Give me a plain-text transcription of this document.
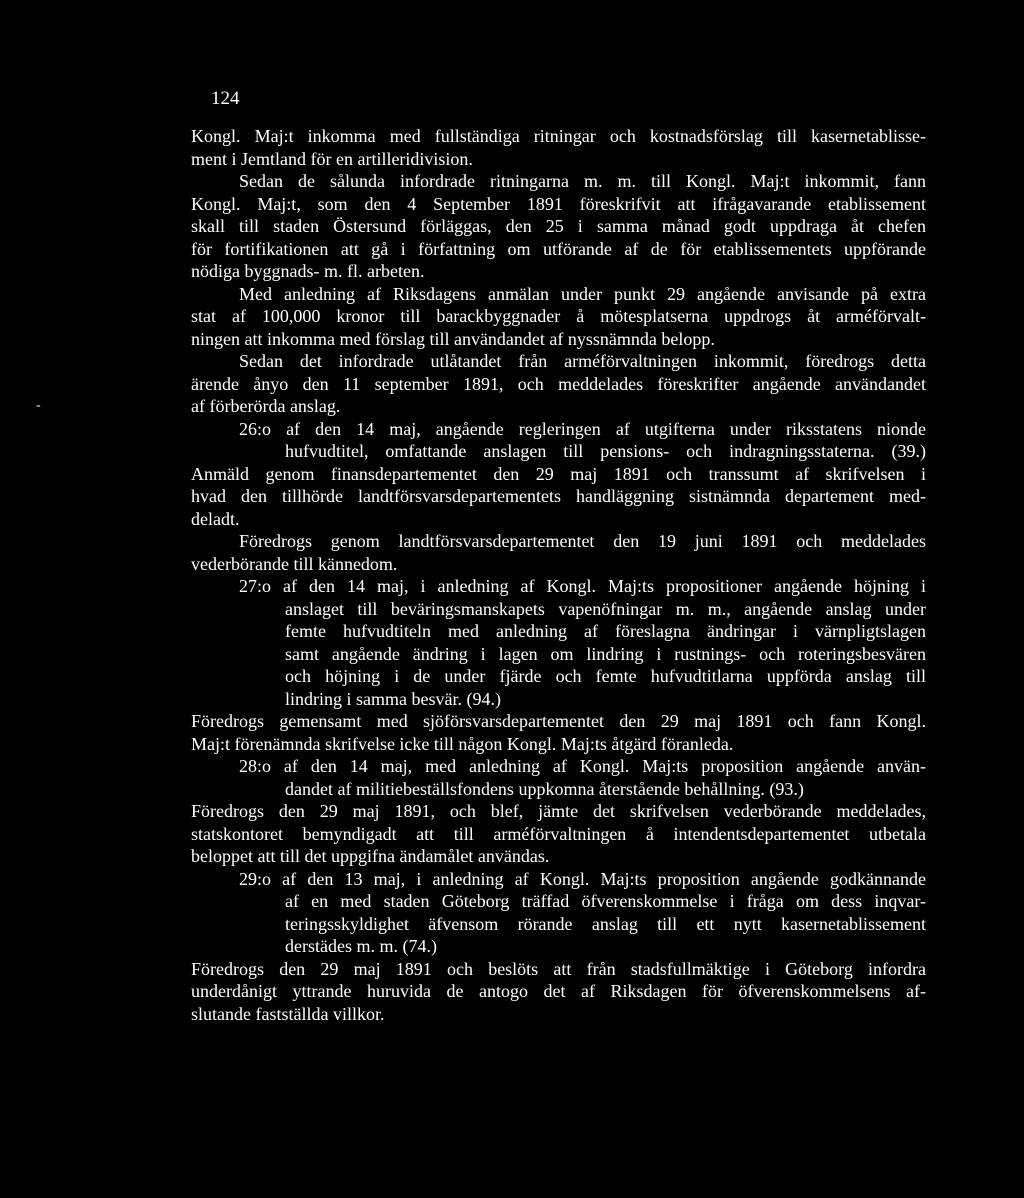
124
-
Kongl. Maj:t inkomma med fullständiga ritningar och kostnadsförslag till kasernetablisse-
ment i Jemtland för en artilleridivision.
Sedan de sålunda infordrade ritningarna m. m. till Kongl. Maj:t inkommit, fann
Kongl. Maj:t, som den 4 September 1891 föreskrifvit att ifrågavarande etablissement
skall till staden Östersund förläggas, den 25 i samma månad godt uppdraga åt chefen
för fortifikationen att gå i författning om utförande af de för etablissementets uppförande
nödiga byggnads- m. fl. arbeten.
Med anledning af Riksdagens anmälan under punkt 29 angående anvisande på extra
stat af 100,000 kronor till barackbyggnader å mötesplatserna uppdrogs åt arméförvalt-
ningen att inkomma med förslag till användandet af nyssnämnda belopp.
Sedan det infordrade utlåtandet från arméförvaltningen inkommit, föredrogs detta
ärende ånyo den 11 september 1891, och meddelades föreskrifter angående användandet
af förberörda anslag.
26:o af den 14 maj, angående regleringen af utgifterna under riksstatens nionde
hufvudtitel, omfattande anslagen till pensions- och indragningsstaterna. (39.)
Anmäld genom finansdepartementet den 29 maj 1891 och transsumt af skrifvelsen i
hvad den tillhörde landtförsvarsdepartementets handläggning sistnämnda departement med-
deladt.
Föredrogs genom landtförsvarsdepartementet den 19 juni 1891 och meddelades
vederbörande till kännedom.
27:o af den 14 maj, i anledning af Kongl. Maj:ts propositioner angående höjning i
anslaget till beväringsmanskapets vapenöfningar m. m., angående anslag under
femte hufvudtiteln med anledning af föreslagna ändringar i värnpligtslagen
samt angående ändring i lagen om lindring i rustnings- och roteringsbesvären
och höjning i de under fjärde och femte hufvudtitlarna uppförda anslag till
lindring i samma besvär. (94.)
Föredrogs gemensamt med sjöförsvarsdepartementet den 29 maj 1891 och fann Kongl.
Maj:t förenämnda skrifvelse icke till någon Kongl. Maj:ts åtgärd föranleda.
28:o af den 14 maj, med anledning af Kongl. Maj:ts proposition angående använ-
dandet af militiebeställsfondens uppkomna återstående behållning. (93.)
Föredrogs den 29 maj 1891, och blef, jämte det skrifvelsen vederbörande meddelades,
statskontoret bemyndigadt att till arméförvaltningen å intendentsdepartementet utbetala
beloppet att till det uppgifna ändamålet användas.
29:o af den 13 maj, i anledning af Kongl. Maj:ts proposition angående godkännande
af en med staden Göteborg träffad öfverenskommelse i fråga om dess inqvar-
teringsskyldighet äfvensom rörande anslag till ett nytt kasernetablissement
derstädes m. m. (74.)
Föredrogs den 29 maj 1891 och beslöts att från stadsfullmäktige i Göteborg infordra
underdånigt yttrande huruvida de antogo det af Riksdagen för öfverenskommelsens af-
slutande fastställda villkor.
